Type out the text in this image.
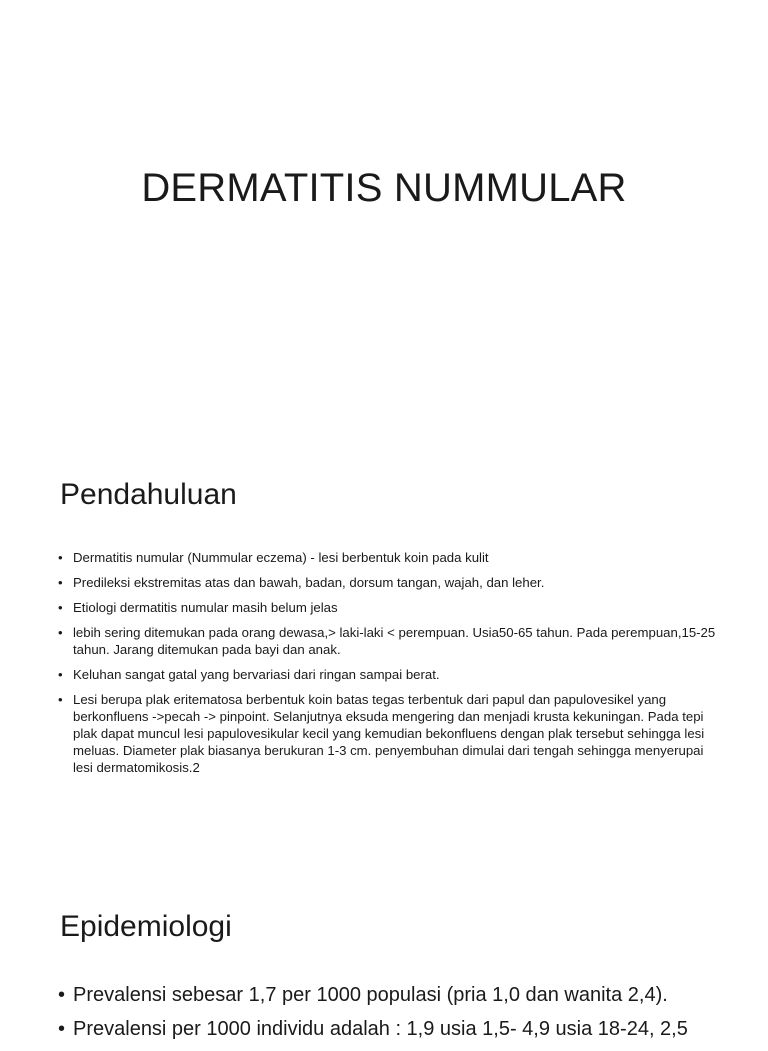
DERMATITIS NUMMULAR
Pendahuluan
• Dermatitis numular (Nummular eczema) - lesi berbentuk koin pada kulit
• Predileksi ekstremitas atas dan bawah, badan, dorsum tangan, wajah, dan leher.
• Etiologi dermatitis numular masih belum jelas
• lebih sering ditemukan pada orang dewasa,> laki-laki < perempuan. Usia50-65 tahun. Pada perempuan,15-25 tahun. Jarang ditemukan pada bayi dan anak.
• Keluhan sangat gatal yang bervariasi dari ringan sampai berat.
• Lesi berupa plak eritematosa berbentuk koin batas tegas terbentuk dari papul dan papulovesikel yang berkonfluens ->pecah -> pinpoint. Selanjutnya eksuda mengering dan menjadi krusta kekuningan. Pada tepi plak dapat muncul lesi papulovesikular kecil yang kemudian bekonfluens dengan plak tersebut sehingga lesi meluas. Diameter plak biasanya berukuran 1-3 cm. penyembuhan dimulai dari tengah sehingga menyerupai lesi dermatomikosis.2
Epidemiologi
• Prevalensi sebesar 1,7 per 1000 populasi (pria 1,0 dan wanita 2,4).
• Prevalensi per 1000 individu adalah : 1,9 usia 1,5- 4,9 usia 18-24, 2,5
